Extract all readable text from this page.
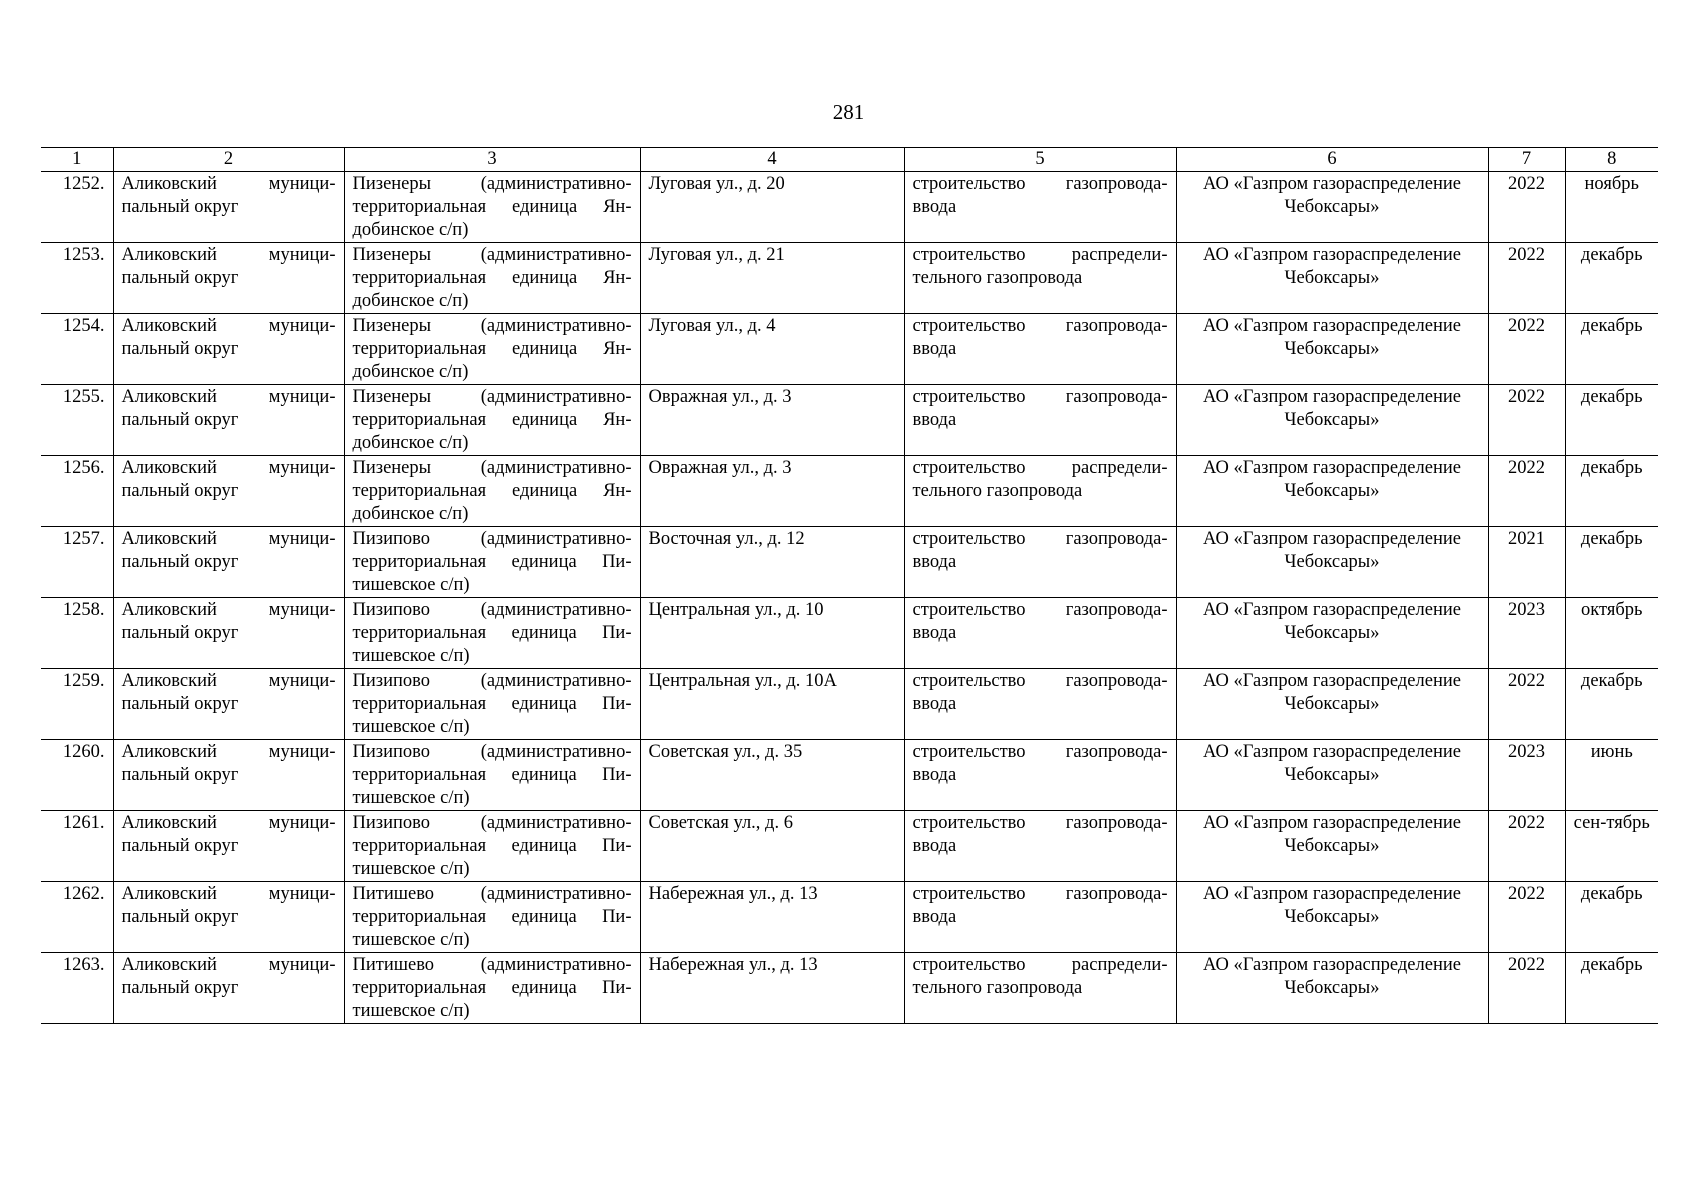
281
1	2	3	4	5	6	7	8
1252.	Аликовский муници-пальный округ	Пизенеры (административно-территориальная единица Ян-добинское с/п)	Луговая ул., д. 20	строительство газопровода-ввода	АО «Газпром газораспределение Чебоксары»	2022	ноябрь
1253.	Аликовский муници-пальный округ	Пизенеры (административно-территориальная единица Ян-добинское с/п)	Луговая ул., д. 21	строительство распредели-тельного газопровода	АО «Газпром газораспределение Чебоксары»	2022	декабрь
1254.	Аликовский муници-пальный округ	Пизенеры (административно-территориальная единица Ян-добинское с/п)	Луговая ул., д. 4	строительство газопровода-ввода	АО «Газпром газораспределение Чебоксары»	2022	декабрь
1255.	Аликовский муници-пальный округ	Пизенеры (административно-территориальная единица Ян-добинское с/п)	Овражная ул., д. 3	строительство газопровода-ввода	АО «Газпром газораспределение Чебоксары»	2022	декабрь
1256.	Аликовский муници-пальный округ	Пизенеры (административно-территориальная единица Ян-добинское с/п)	Овражная ул., д. 3	строительство распредели-тельного газопровода	АО «Газпром газораспределение Чебоксары»	2022	декабрь
1257.	Аликовский муници-пальный округ	Пизипово (административно-территориальная единица Пи-тишевское с/п)	Восточная ул., д. 12	строительство газопровода-ввода	АО «Газпром газораспределение Чебоксары»	2021	декабрь
1258.	Аликовский муници-пальный округ	Пизипово (административно-территориальная единица Пи-тишевское с/п)	Центральная ул., д. 10	строительство газопровода-ввода	АО «Газпром газораспределение Чебоксары»	2023	октябрь
1259.	Аликовский муници-пальный округ	Пизипово (административно-территориальная единица Пи-тишевское с/п)	Центральная ул., д. 10А	строительство газопровода-ввода	АО «Газпром газораспределение Чебоксары»	2022	декабрь
1260.	Аликовский муници-пальный округ	Пизипово (административно-территориальная единица Пи-тишевское с/п)	Советская ул., д. 35	строительство газопровода-ввода	АО «Газпром газораспределение Чебоксары»	2023	июнь
1261.	Аликовский муници-пальный округ	Пизипово (административно-территориальная единица Пи-тишевское с/п)	Советская ул., д. 6	строительство газопровода-ввода	АО «Газпром газораспределение Чебоксары»	2022	сен-тябрь
1262.	Аликовский муници-пальный округ	Питишево (административно-территориальная единица Пи-тишевское с/п)	Набережная ул., д. 13	строительство газопровода-ввода	АО «Газпром газораспределение Чебоксары»	2022	декабрь
1263.	Аликовский муници-пальный округ	Питишево (административно-территориальная единица Пи-тишевское с/п)	Набережная ул., д. 13	строительство распредели-тельного газопровода	АО «Газпром газораспределение Чебоксары»	2022	декабрь
